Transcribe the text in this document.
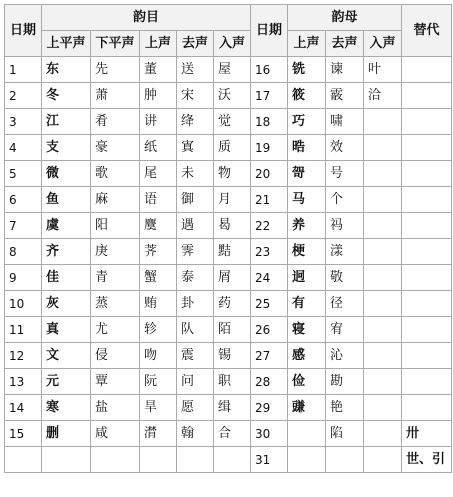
日期	韵目					日期	韵母			替代
	上平声	下平声	上声	去声	入声		上声	去声	入声	
1	东	先	董	送	屋	16	铣	谏	叶	
2	冬	萧	肿	宋	沃	17	筱	霰	洽	
3	江	肴	讲	绛	觉	18	巧	啸		
4	支	豪	纸	寘	质	19	晧	效		
5	微	歌	尾	未	物	20	哿	号		
6	鱼	麻	语	御	月	21	马	个		
7	虞	阳	麌	遇	曷	22	养	祃		
8	齐	庚	荠	霁	黠	23	梗	漾		
9	佳	青	蟹	泰	屑	24	迥	敬		
10	灰	蒸	贿	卦	药	25	有	径		
11	真	尤	轸	队	陌	26	寝	宥		
12	文	侵	吻	震	锡	27	感	沁		
13	元	覃	阮	问	职	28	俭	勘		
14	寒	盐	旱	愿	缉	29	豏	艳		
15	删	咸	潸	翰	合	30		陷		卅
						31				世、引
